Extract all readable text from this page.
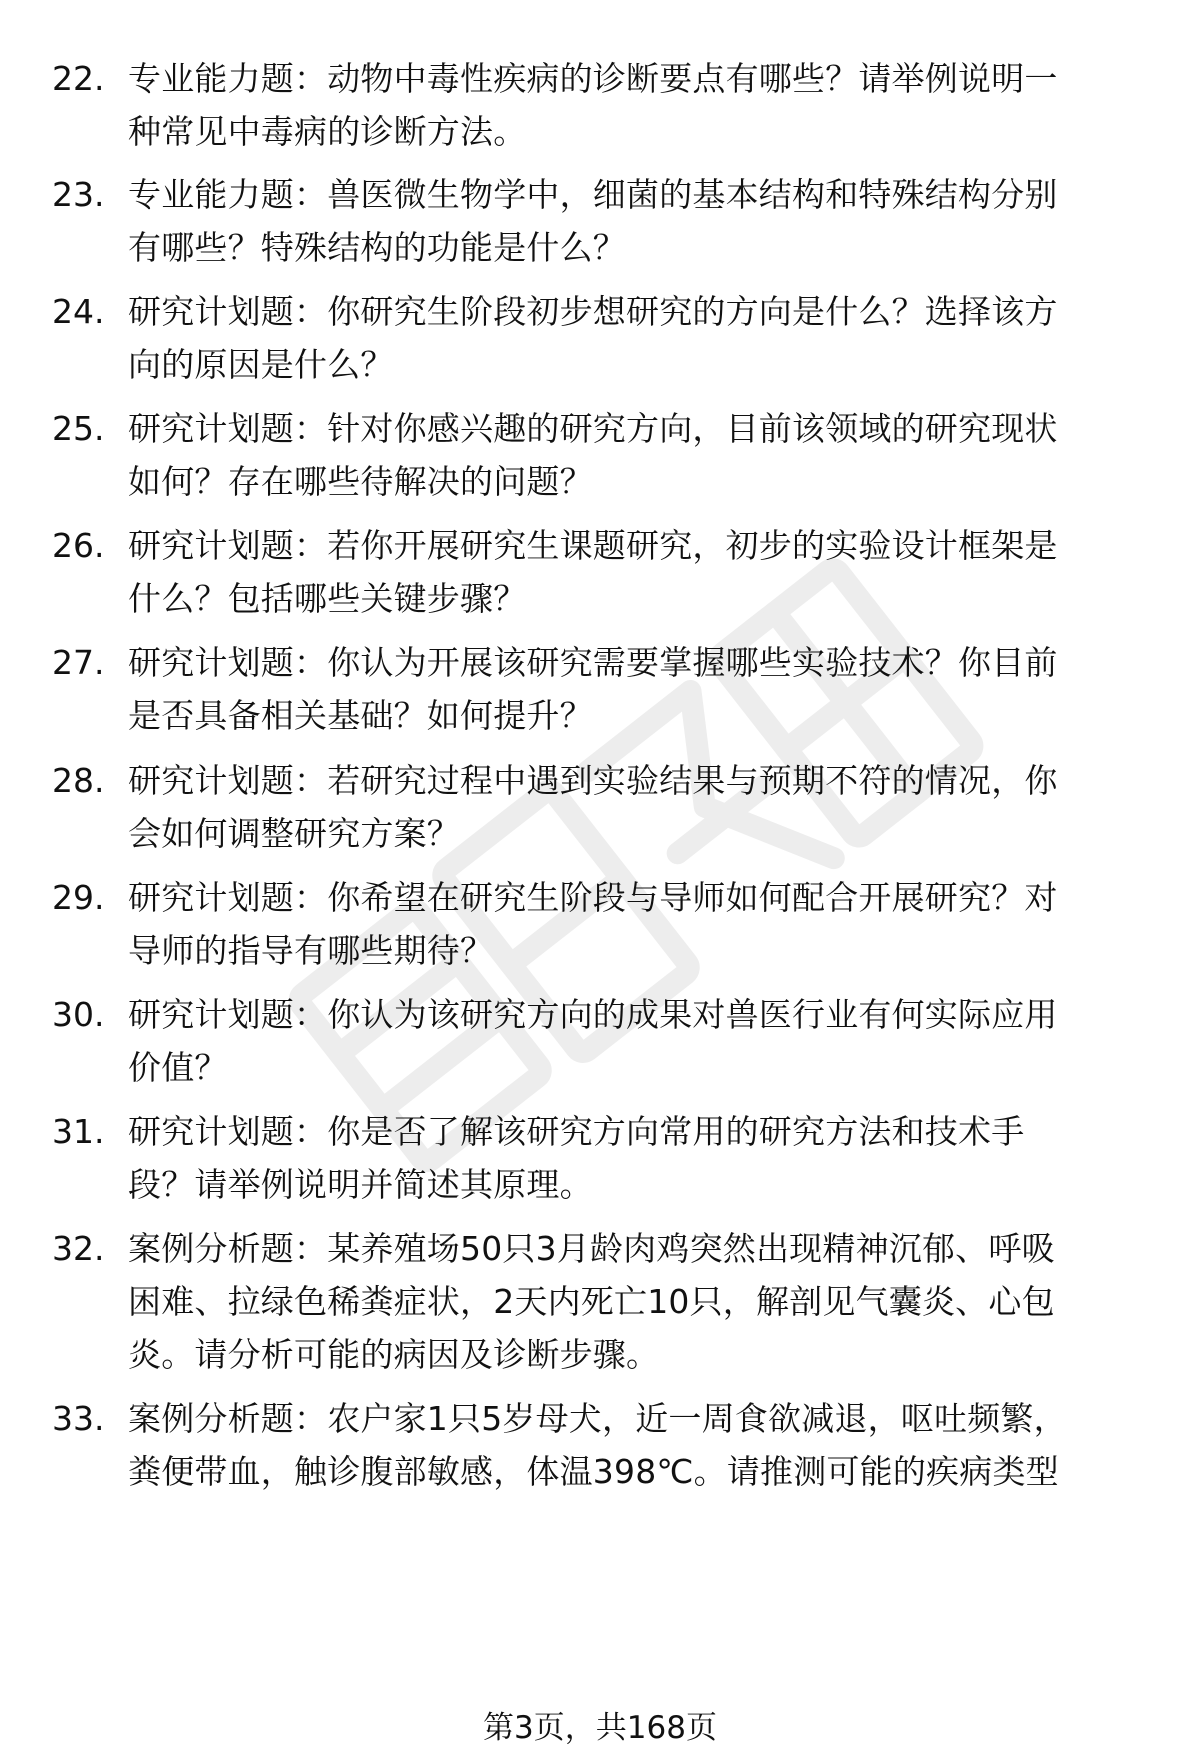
22. 专业能力题：动物中毒性疾病的诊断要点有哪些？请举例说明一
种常见中毒病的诊断方法。
23. 专业能力题：兽医微生物学中，细菌的基本结构和特殊结构分别
有哪些？特殊结构的功能是什么？
24. 研究计划题：你研究生阶段初步想研究的方向是什么？选择该方
向的原因是什么？
25. 研究计划题：针对你感兴趣的研究方向，目前该领域的研究现状
如何？存在哪些待解决的问题？
26. 研究计划题：若你开展研究生课题研究，初步的实验设计框架是
什么？包括哪些关键步骤？
27. 研究计划题：你认为开展该研究需要掌握哪些实验技术？你目前
是否具备相关基础？如何提升？
28. 研究计划题：若研究过程中遇到实验结果与预期不符的情况，你
会如何调整研究方案？
29. 研究计划题：你希望在研究生阶段与导师如何配合开展研究？对
导师的指导有哪些期待？
30. 研究计划题：你认为该研究方向的成果对兽医行业有何实际应用
价值？
31. 研究计划题：你是否了解该研究方向常用的研究方法和技术手
段？请举例说明并简述其原理。
32. 案例分析题：某养殖场50只3月龄肉鸡突然出现精神沉郁、呼吸
困难、拉绿色稀粪症状，2天内死亡10只，解剖见气囊炎、心包
炎。请分析可能的病因及诊断步骤。
33. 案例分析题：农户家1只5岁母犬，近一周食欲减退，呕吐频繁，
粪便带血，触诊腹部敏感，体温398℃。请推测可能的疾病类型
第3页，共168页
